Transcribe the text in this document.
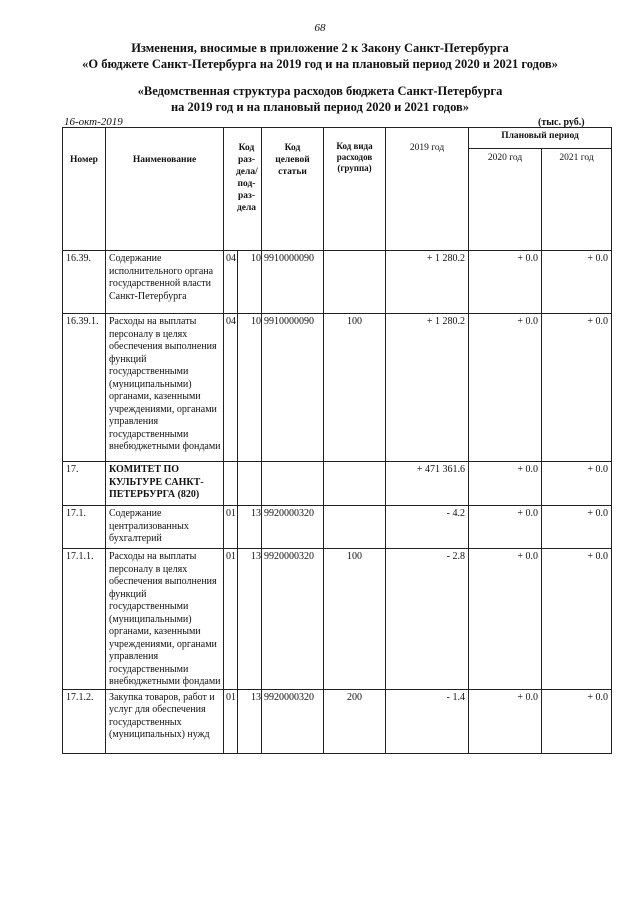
68
Изменения, вносимые в приложение 2 к Закону Санкт-Петербурга
«О бюджете Санкт-Петербурга на 2019 год и на плановый период 2020 и 2021 годов»
«Ведомственная структура расходов бюджета Санкт-Петербурга
на 2019 год и на плановый период 2020 и 2021 годов»
16-окт-2019	(тыс. руб.)
Номер	Наименование	Код раз-дела/ под-раз-дела		Код целевой статьи	Код вида расходов (группа)	2019 год	Плановый период	

							2020 год	2021 год

16.39.	Содержание исполнительного органа государственной власти Санкт-Петербурга	04	10	9910000090		+ 1 280.2	+ 0.0	+ 0.0
16.39.1.	Расходы на выплаты персоналу в целях обеспечения выполнения функций государственными (муниципальными) органами, казенными учреждениями, органами управления государственными внебюджетными фондами	04	10	9910000090	100	+ 1 280.2	+ 0.0	+ 0.0
17.	КОМИТЕТ ПО КУЛЬТУРЕ САНКТ-ПЕТЕРБУРГА (820)					+ 471 361.6	+ 0.0	+ 0.0
17.1.	Содержание централизованных бухгалтерий	01	13	9920000320		- 4.2	+ 0.0	+ 0.0
17.1.1.	Расходы на выплаты персоналу в целях обеспечения выполнения функций государственными (муниципальными) органами, казенными учреждениями, органами управления государственными внебюджетными фондами	01	13	9920000320	100	- 2.8	+ 0.0	+ 0.0
17.1.2.	Закупка товаров, работ и услуг для обеспечения государственных (муниципальных) нужд	01	13	9920000320	200	- 1.4	+ 0.0	+ 0.0
